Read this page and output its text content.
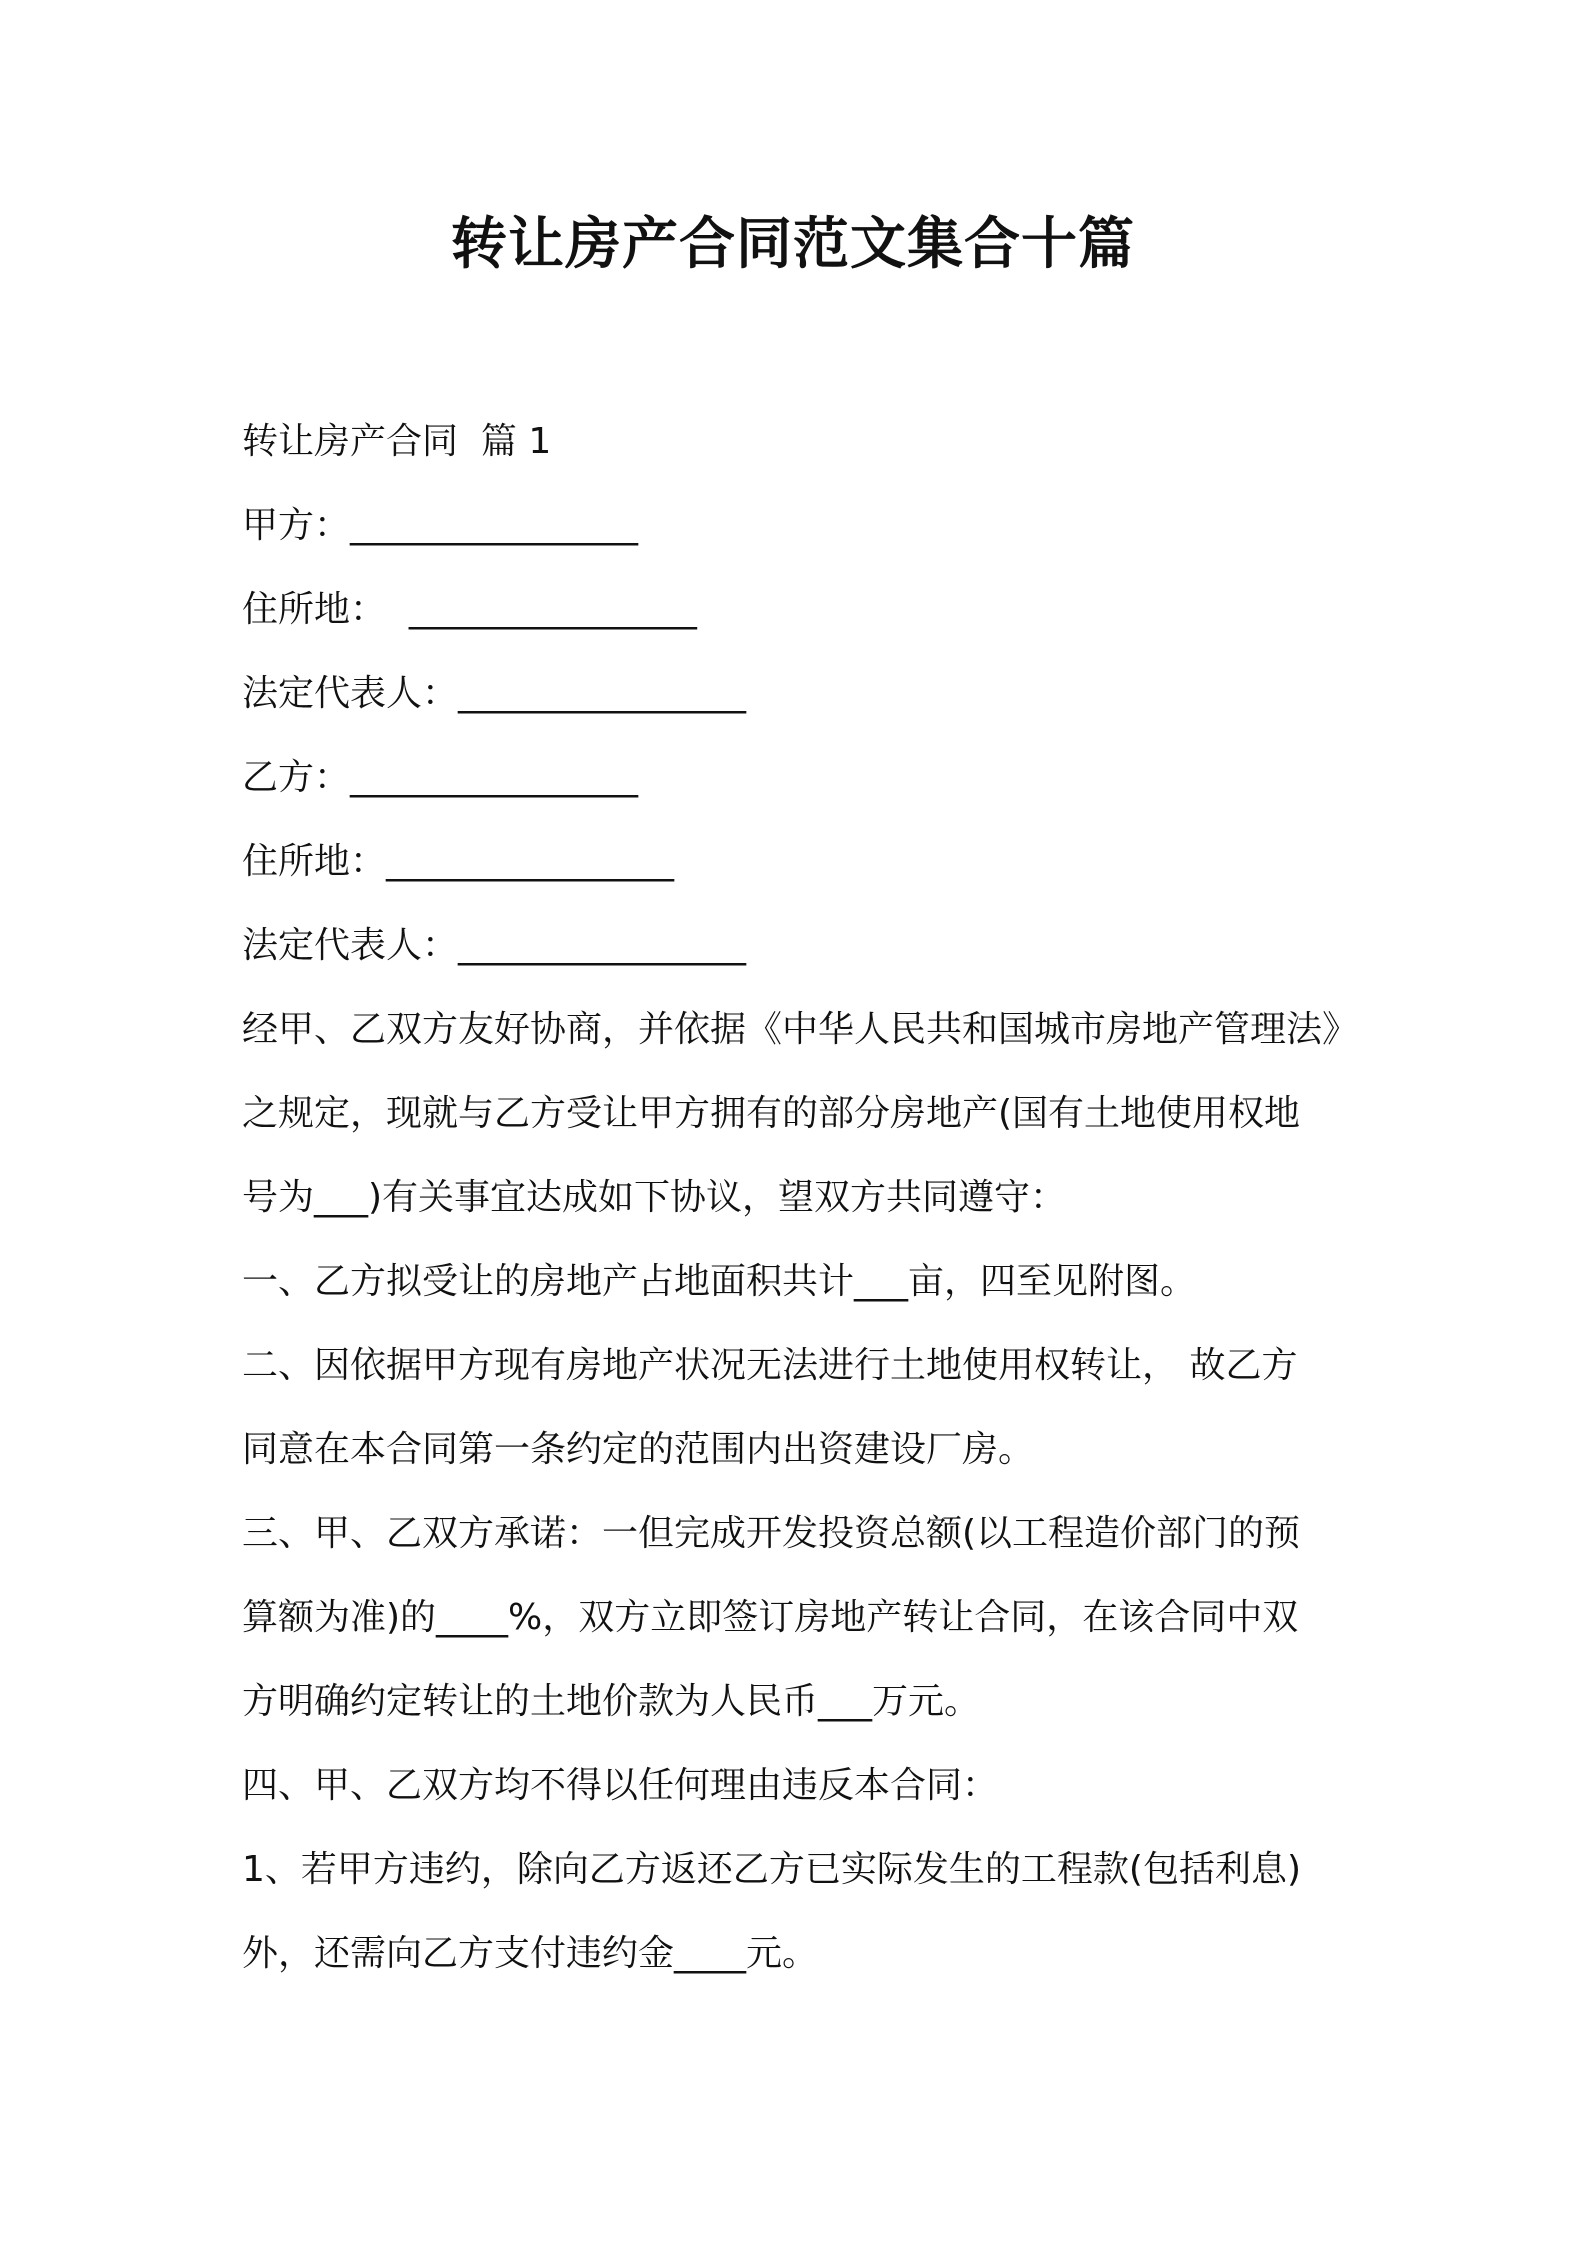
转让房产合同范文集合十篇

转让房产合同  篇 1

甲方：________________

住所地：  ________________

法定代表人：________________

乙方：________________

住所地：________________

法定代表人：________________

经甲、乙双方友好协商，并依据《中华人民共和国城市房地产管理法》

之规定，现就与乙方受让甲方拥有的部分房地产(国有土地使用权地

号为___)有关事宜达成如下协议，望双方共同遵守：

一、乙方拟受让的房地产占地面积共计___亩，四至见附图。

二、因依据甲方现有房地产状况无法进行土地使用权转让， 故乙方

同意在本合同第一条约定的范围内出资建设厂房。

三、甲、乙双方承诺：一但完成开发投资总额(以工程造价部门的预

算额为准)的____%，双方立即签订房地产转让合同，在该合同中双

方明确约定转让的土地价款为人民币___万元。

四、甲、乙双方均不得以任何理由违反本合同：

1、若甲方违约，除向乙方返还乙方已实际发生的工程款(包括利息)

外，还需向乙方支付违约金____元。
